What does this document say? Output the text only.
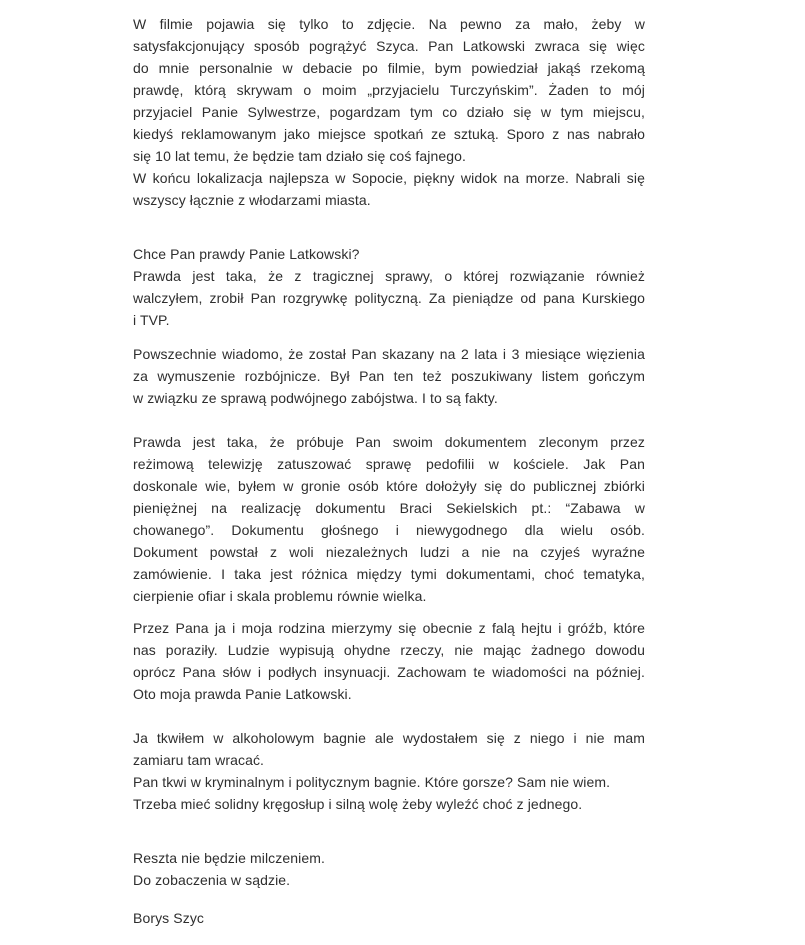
W filmie pojawia się tylko to zdjęcie. Na pewno za mało, żeby w
satysfakcjonujący sposób pogrążyć Szyca. Pan Latkowski zwraca się więc
do mnie personalnie w debacie po filmie, bym powiedział jakąś rzekomą
prawdę, którą skrywam o moim „przyjacielu Turczyńskim”. Żaden to mój
przyjaciel Panie Sylwestrze, pogardzam tym co działo się w tym miejscu,
kiedyś reklamowanym jako miejsce spotkań ze sztuką. Sporo z nas nabrało
się 10 lat temu, że będzie tam działo się coś fajnego.
W końcu lokalizacja najlepsza w Sopocie, piękny widok na morze. Nabrali się
wszyscy łącznie z włodarzami miasta.
Chce Pan prawdy Panie Latkowski?
Prawda jest taka, że z tragicznej sprawy, o której rozwiązanie również
walczyłem, zrobił Pan rozgrywkę polityczną. Za pieniądze od pana Kurskiego
i TVP.
Powszechnie wiadomo, że został Pan skazany na 2 lata i 3 miesiące więzienia
za wymuszenie rozbójnicze. Był Pan ten też poszukiwany listem gończym
w związku ze sprawą podwójnego zabójstwa. I to są fakty.
Prawda jest taka, że próbuje Pan swoim dokumentem zleconym przez
reżimową telewizję zatuszować sprawę pedofilii w kościele. Jak Pan
doskonale wie, byłem w gronie osób które dołożyły się do publicznej zbiórki
pieniężnej na realizację dokumentu Braci Sekielskich pt.: “Zabawa w
chowanego”. Dokumentu głośnego i niewygodnego dla wielu osób.
Dokument powstał z woli niezależnych ludzi a nie na czyjeś wyraźne
zamówienie. I taka jest różnica między tymi dokumentami, choć tematyka,
cierpienie ofiar i skala problemu równie wielka.
Przez Pana ja i moja rodzina mierzymy się obecnie z falą hejtu i gróźb, które
nas poraziły. Ludzie wypisują ohydne rzeczy, nie mając żadnego dowodu
oprócz Pana słów i podłych insynuacji. Zachowam te wiadomości na później.
Oto moja prawda Panie Latkowski.
Ja tkwiłem w alkoholowym bagnie ale wydostałem się z niego i nie mam
zamiaru tam wracać.
Pan tkwi w kryminalnym i politycznym bagnie. Które gorsze? Sam nie wiem.
Trzeba mieć solidny kręgosłup i silną wolę żeby wyleźć choć z jednego.
Reszta nie będzie milczeniem.
Do zobaczenia w sądzie.
Borys Szyc
